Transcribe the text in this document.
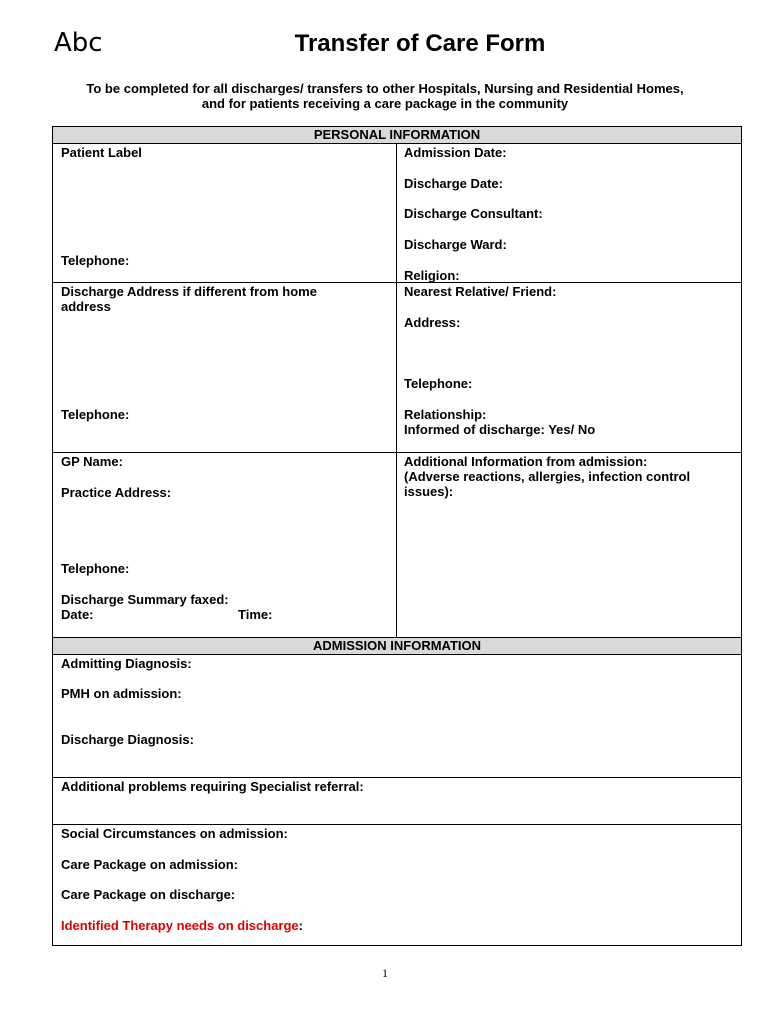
Abc	Transfer of Care Form
To be completed for all discharges/ transfers to other Hospitals, Nursing and Residential Homes,
and for patients receiving a care package in the community
PERSONAL INFORMATION
Patient Label
Telephone:
Admission Date:
Discharge Date:
Discharge Consultant:
Discharge Ward:
Religion:
Discharge Address if different from home address
Telephone:
Nearest Relative/ Friend:
Address:
Telephone:
Relationship:
Informed of discharge: Yes/ No
GP Name:
Practice Address:
Telephone:
Discharge Summary faxed:
Date:	Time:
Additional Information from admission:
(Adverse reactions, allergies, infection control issues):
ADMISSION INFORMATION
Admitting Diagnosis:
PMH on admission:
Discharge Diagnosis:
Additional problems requiring Specialist referral:
Social Circumstances on admission:
Care Package on admission:
Care Package on discharge:
Identified Therapy needs on discharge:
1
